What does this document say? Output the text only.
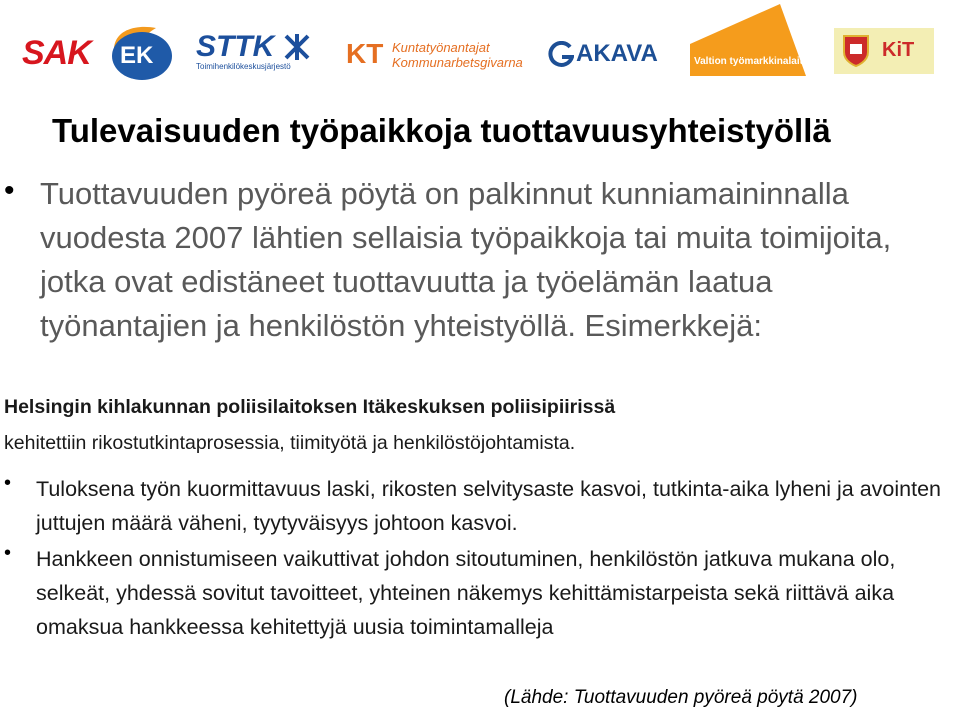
SAK EK STTK
Toimihenkilökeskusjärjestö KT Kuntatyönantajat
Kommunarbetsgivarna AKAVA	Valtion työmarkkinalaitos
KiT
Tulevaisuuden työpaikkoja tuottavuusyhteistyöllä
• Tuottavuuden pyöreä pöytä on palkinnut kunniamaininnalla vuodesta 2007 lähtien sellaisia työpaikkoja tai muita toimijoita, jotka ovat edistäneet tuottavuutta ja työelämän laatua työnantajien ja henkilöstön yhteistyöllä. Esimerkkejä:
Helsingin kihlakunnan poliisilaitoksen Itäkeskuksen poliisipiirissä
kehitettiin rikostutkintaprosessia, tiimityötä ja henkilöstöjohtamista.
• Tuloksena työn kuormittavuus laski, rikosten selvitysaste kasvoi, tutkinta-aika lyheni ja avointen juttujen määrä väheni, tyytyväisyys johtoon kasvoi.
• Hankkeen onnistumiseen vaikuttivat johdon sitoutuminen, henkilöstön jatkuva mukana olo, selkeät, yhdessä sovitut tavoitteet, yhteinen näkemys kehittämistarpeista sekä riittävä aika omaksua hankkeessa kehitettyjä uusia toimintamalleja
(Lähde: Tuottavuuden pyöreä pöytä 2007)
